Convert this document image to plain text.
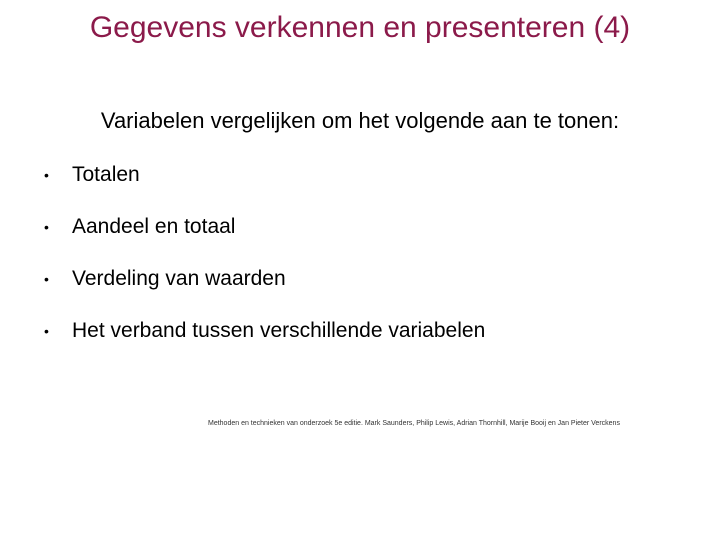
Gegevens verkennen en presenteren (4)
Variabelen vergelijken om het volgende aan te tonen:
•	Totalen
•	Aandeel en totaal
•	Verdeling van waarden
•	Het verband tussen verschillende variabelen
Methoden en technieken van onderzoek 5e editie. Mark Saunders, Philip Lewis, Adrian Thornhill, Marije Booij en Jan Pieter Verckens
